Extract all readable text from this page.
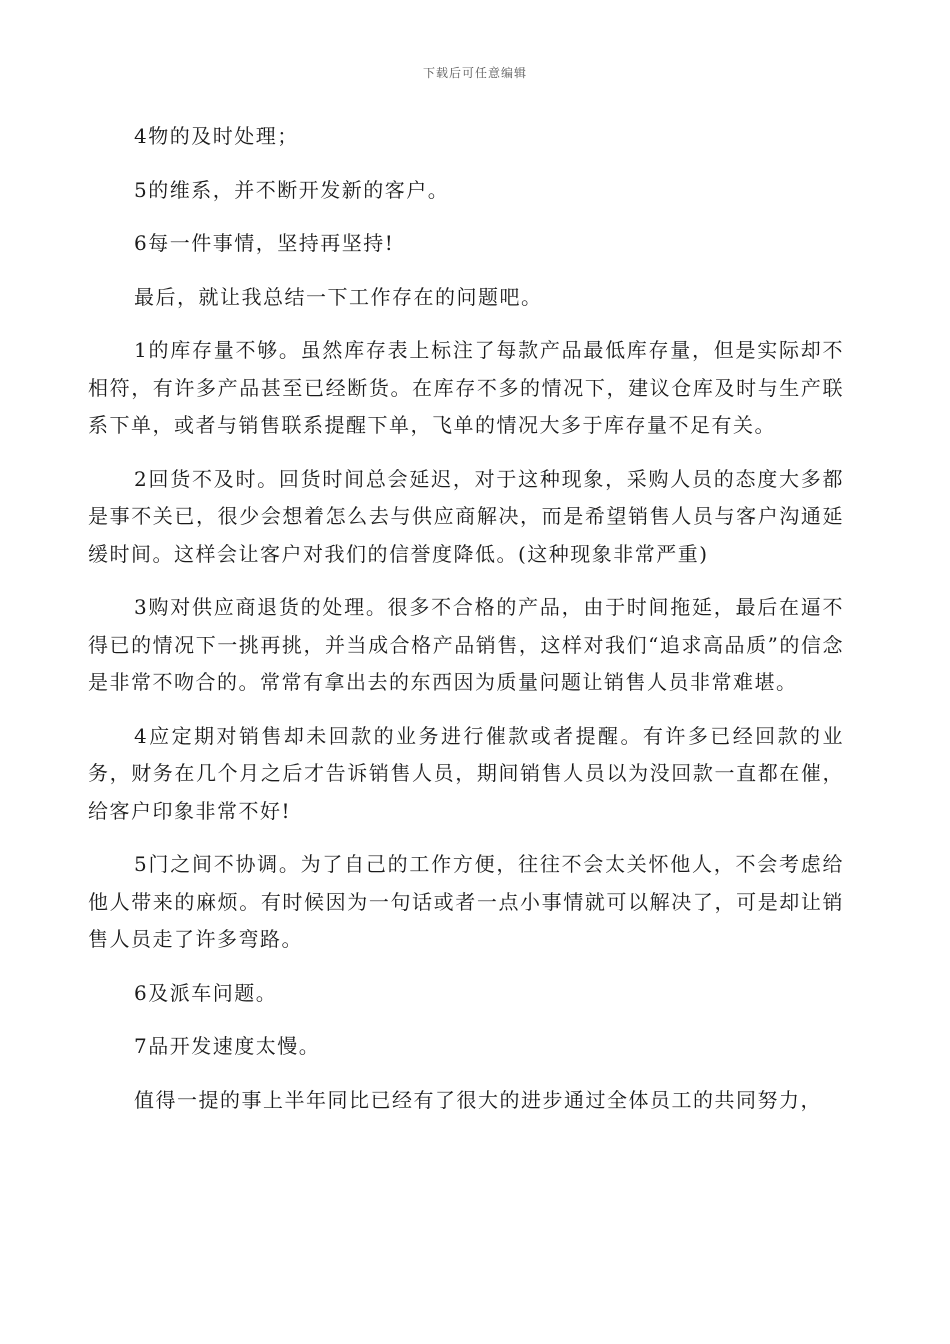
下载后可任意编辑

4物的及时处理；

5的维系，并不断开发新的客户。

6每一件事情，坚持再坚持!

最后，就让我总结一下工作存在的问题吧。

1的库存量不够。虽然库存表上标注了每款产品最低库存量，但是实际却不相符，有许多产品甚至已经断货。在库存不多的情况下，建议仓库及时与生产联系下单，或者与销售联系提醒下单，飞单的情况大多于库存量不足有关。

2回货不及时。回货时间总会延迟，对于这种现象，采购人员的态度大多都是事不关已，很少会想着怎么去与供应商解决，而是希望销售人员与客户沟通延缓时间。这样会让客户对我们的信誉度降低。(这种现象非常严重)

3购对供应商退货的处理。很多不合格的产品，由于时间拖延，最后在逼不得已的情况下一挑再挑，并当成合格产品销售，这样对我们“追求高品质”的信念是非常不吻合的。常常有拿出去的东西因为质量问题让销售人员非常难堪。

4应定期对销售却未回款的业务进行催款或者提醒。有许多已经回款的业务，财务在几个月之后才告诉销售人员，期间销售人员以为没回款一直都在催，给客户印象非常不好!

5门之间不协调。为了自己的工作方便，往往不会太关怀他人，不会考虑给他人带来的麻烦。有时候因为一句话或者一点小事情就可以解决了，可是却让销售人员走了许多弯路。

6及派车问题。

7品开发速度太慢。

值得一提的事上半年同比已经有了很大的进步通过全体员工的共同努力，
